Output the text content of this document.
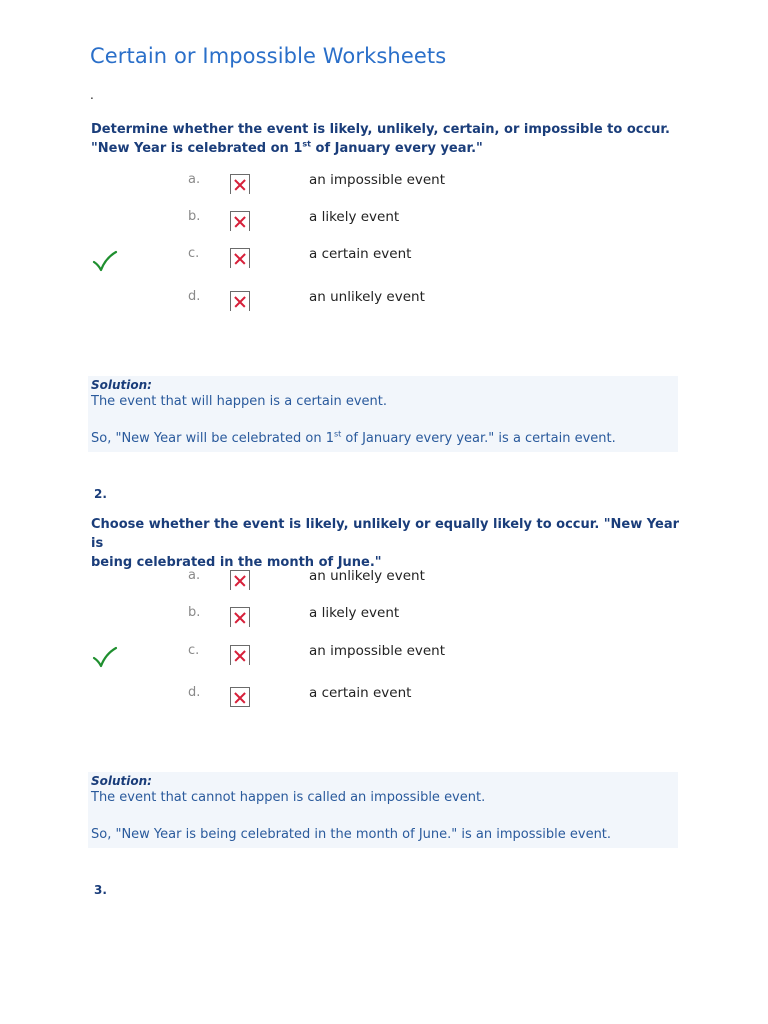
Certain or Impossible Worksheets
.
Determine whether the event is likely, unlikely, certain, or impossible to occur.
"New Year is celebrated on 1st of January every year."
a.	an impossible event
b.	a likely event
c.	a certain event
d.	an unlikely event
Solution:
The event that will happen is a certain event.
So, "New Year will be celebrated on 1st of January every year." is a certain event.
2.
Choose whether the event is likely, unlikely or equally likely to occur. "New Year is
being celebrated in the month of June."
a.	an unlikely event
b.	a likely event
c.	an impossible event
d.	a certain event
Solution:
The event that cannot happen is called an impossible event.
So, "New Year is being celebrated in the month of June." is an impossible event.
3.
